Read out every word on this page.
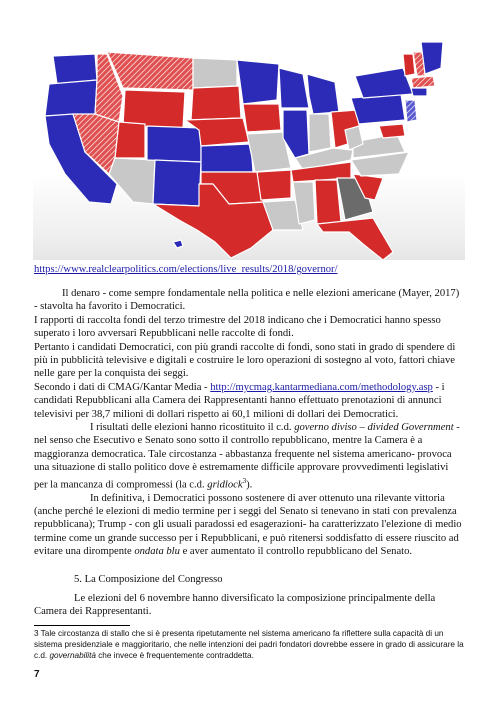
https://www.realclearpolitics.com/elections/live_results/2018/governor/

Il denaro - come sempre fondamentale nella politica e nelle elezioni americane (Mayer, 2017) - stavolta ha favorito i Democratici.

I rapporti di raccolta fondi del terzo trimestre del 2018 indicano che i Democratici hanno spesso superato i loro avversari Repubblicani nelle raccolte di fondi.

Pertanto i candidati Democratici, con più grandi raccolte di fondi, sono stati in grado di spendere di più in pubblicità televisive e digitali e costruire le loro operazioni di sostegno al voto, fattori chiave nelle gare per la conquista dei seggi.

Secondo i dati di CMAG/Kantar Media - http://mycmag.kantarmediana.com/methodology.asp - i candidati Repubblicani alla Camera dei Rappresentanti hanno effettuato prenotazioni di annunci televisivi per 38,7 milioni di dollari rispetto ai 60,1 milioni di dollari dei Democratici.

I risultati delle elezioni hanno ricostituito il c.d. governo diviso – divided Government - nel senso che Esecutivo e Senato sono sotto il controllo repubblicano, mentre la Camera è a maggioranza democratica. Tale circostanza - abbastanza frequente nel sistema americano- provoca una situazione di stallo politico dove è estremamente difficile approvare provvedimenti legislativi per la mancanza di compromessi (la c.d. gridlock$^3$).

In definitiva, i Democratici possono sostenere di aver ottenuto una rilevante vittoria (anche perché le elezioni di medio termine per i seggi del Senato si tenevano in stati con prevalenza repubblicana); Trump - con gli usuali paradossi ed esagerazioni- ha caratterizzato l'elezione di medio termine come un grande successo per i Repubblicani, e può ritenersi soddisfatto di essere riuscito ad evitare una dirompente ondata blu e aver aumentato il controllo repubblicano del Senato.

5. La Composizione del Congresso

Le elezioni del 6 novembre hanno diversificato la composizione principalmente della Camera dei Rappresentanti.

3 Tale circostanza di stallo che si è presenta ripetutamente nel sistema americano fa riflettere sulla capacità di un sistema presidenziale e maggioritario, che nelle intenzioni dei padri fondatori dovrebbe essere in grado di assicurare la c.d. governabilità che invece è frequentemente contraddetta.
7
